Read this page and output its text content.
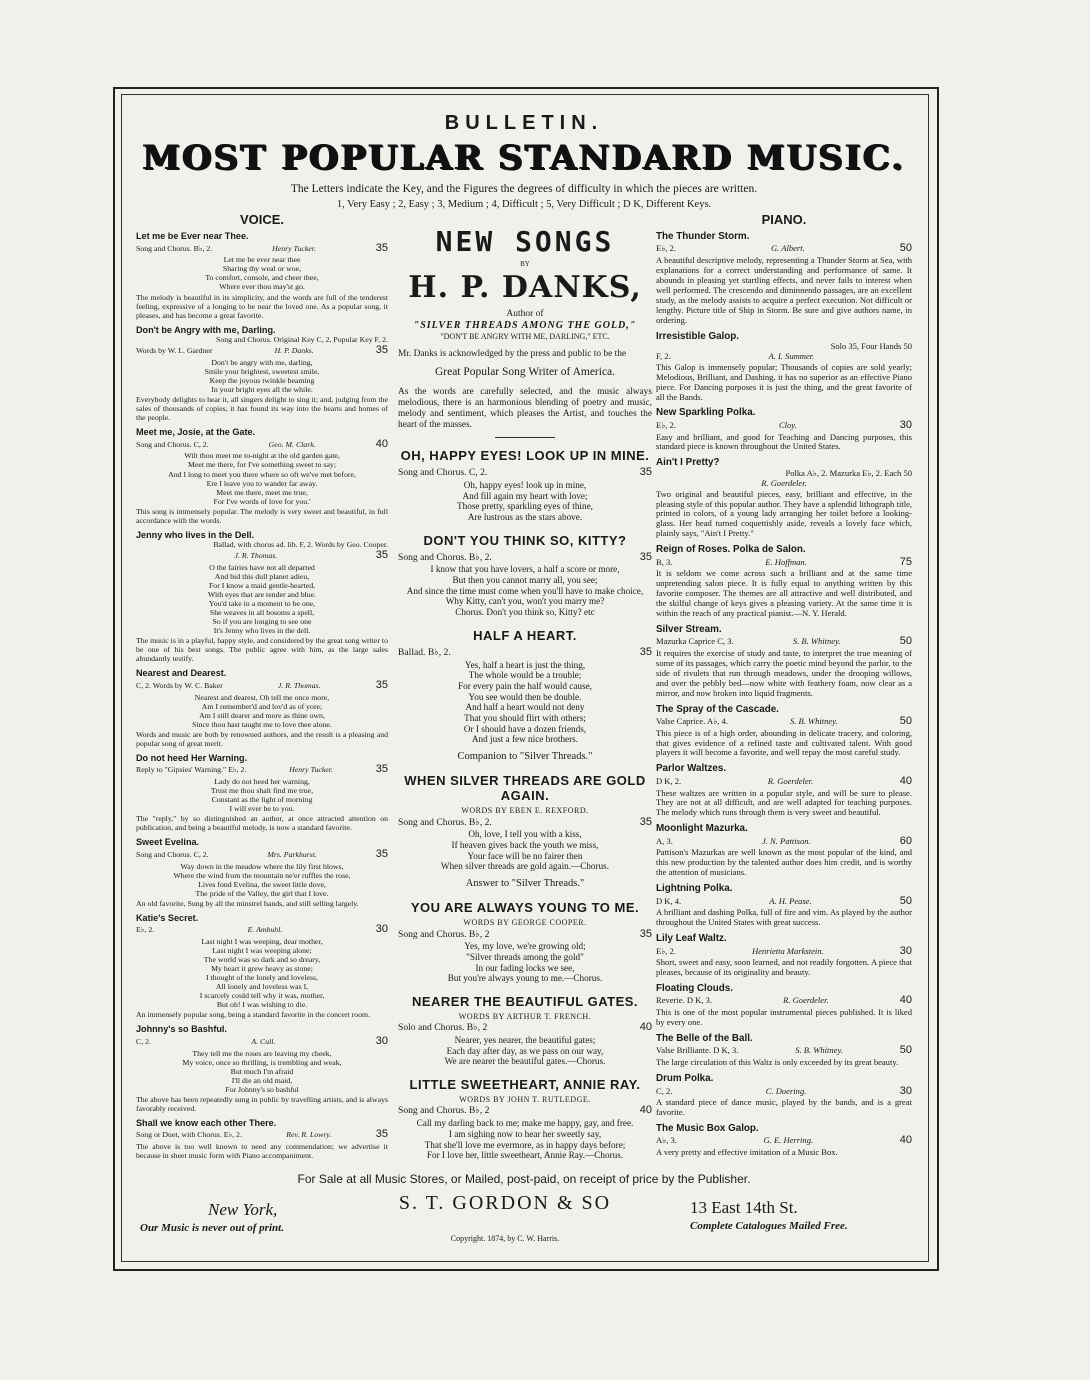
BULLETIN.
MOST POPULAR STANDARD MUSIC.
The Letters indicate the Key, and the Figures the degrees of difficulty in which the pieces are written.
1, Very Easy ; 2, Easy ; 3, Medium ; 4, Difficult ; 5, Very Difficult ; D K, Different Keys.
VOICE.
Let me be Ever near Thee.
Song and Chorus. B♭, 2.	Henry Tucker.	35
Let me be ever near thee
Sharing thy weal or woe,
To comfort, console, and cheer thee,
Where ever thou may'st go.
The melody is beautiful in its simplicity, and the words are full of the tenderest feeling, expressive of a longing to be near the loved one. As a popular song, it pleases, and has become a great favorite.
Don't be Angry with me, Darling.
Song and Chorus. Original Key C, 2, Popular Key F, 2.
Words by W. L. Gardner	H. P. Danks.	35
Don't be angry with me, darling,
Smile your brightest, sweetest smile,
Keep the joyous twinkle beaming
In your bright eyes all the while.
Everybody delights to hear it, all singers delight to sing it; and, judging from the sales of thousands of copies, it has found its way into the hearts and homes of the people.
Meet me, Josie, at the Gate.
Song and Chorus. C, 2.	Geo. M. Clark.	40
Wilt thou meet me to-night at the old garden gate,
Meet me there, for I've something sweet to say;
And I long to meet you there where so oft we've met before,
Ere I leave you to wander far away.
Meet me there, meet me true,
For I've words of love for you.'
This song is immensely popular. The melody is very sweet and beautiful, in full accordance with the words.
Jenny who lives in the Dell.
Ballad, with chorus ad. lib. F, 2. Words by Geo. Cooper.
J. R. Thomas.	35
O the fairies have not all departed
And bid this dull planet adieu,
For I know a maid gentle-hearted,
With eyes that are tender and blue.
You'd take in a moment to be one,
She weaves in all bosoms a spell,
So if you are longing to see one
It's Jenny who lives in the dell.
The music is in a playful, happy style, and considered by the great song writer to be one of his best songs. The public agree with him, as the large sales abundantly testify.
Nearest and Dearest.
C, 2. Words by W. C. Baker	J. R. Thomas.	35
Nearest and dearest, Oh tell me once more,
Am I remember'd and lov'd as of yore;
Am I still dearer and more as thine own,
Since thou hast taught me to love thee alone.
Words and music are both by renowned authors, and the result is a pleasing and popular song of great merit.
Do not heed Her Warning.
Reply to "Gipsies' Warning." E♭, 2.	Henry Tucker.	35
Lady do not heed her warning,
Trust me thou shalt find me true,
Constant as the light of morning
I will ever be to you.
The "reply," by so distinguished an author, at once attracted attention on publication, and being a beautiful melody, is now a standard favorite.
Sweet Evelina.
Song and Chorus. C, 2.	Mrs. Parkhurst.	35
Way down in the meadow where the lily first blows,
Where the wind from the mountain ne'er ruffles the rose,
Lives fond Evelina, the sweet little dove,
The pride of the Valley, the girl that I love.
An old favorite, Sung by all the minstrel bands, and still selling largely.
Katie's Secret.
E♭, 2.	E. Ambuhl.	30
Last night I was weeping, dear mother,
Last night I was weeping alone;
The world was so dark and so dreary,
My heart it grew heavy as stone;
I thought of the lonely and loveless,
All lonely and loveless was I,
I scarcely could tell why it was, mother,
But oh! I was wishing to die.
An immensely popular song, being a standard favorite in the concert room.
Johnny's so Bashful.
C, 2.	A. Cull.	30
They tell me the roses are leaving my cheek,
My voice, once so thrilling, is trembling and weak,
But much I'm afraid
I'll die an old maid,
For Johnny's so bashful
The above has been repeatedly sung in public by travelling artists, and is always favorably received.
Shall we know each other There.
Song or Duet, with Chorus. E♭, 2.	Rev. R. Lowry.	35
The above is too well known to need any commendation; we advertise it because in sheet music form with Piano accompaniment.
NEW SONGS
BY
H. P. DANKS,
Author of
"SILVER THREADS AMONG THE GOLD,"
"DON'T BE ANGRY WITH ME, DARLING," ETC.
Mr. Danks is acknowledged by the press and public to be the
Great Popular Song Writer of America.
As the words are carefully selected, and the music always melodious, there is an harmonious blending of poetry and music, melody and sentiment, which pleases the Artist, and touches the heart of the masses.
OH, HAPPY EYES! LOOK UP IN MINE.
Song and Chorus. C, 2.	35
Oh, happy eyes! look up in mine,
And fill again my heart with love;
Those pretty, sparkling eyes of thine,
Are lustrous as the stars above.
DON'T YOU THINK SO, KITTY?
Song and Chorus. B♭, 2.	35
I know that you have lovers, a half a score or more,
But then you cannot marry all, you see;
And since the time must come when you'll have to make choice,
Why Kitty, can't you, won't you marry me?
Chorus. Don't you think so, Kitty? etc
HALF A HEART.
Ballad. B♭, 2.	35
Yes, half a heart is just the thing,
The whole would be a trouble;
For every pain the half would cause,
You see would then be double.
And half a heart would not deny
That you should flirt with others;
Or I should have a dozen friends,
And just a few nice brothers.
Companion to "Silver Threads."
WHEN SILVER THREADS ARE GOLD AGAIN.
WORDS BY EBEN E. REXFORD.
Song and Chorus. B♭, 2.	35
Oh, love, I tell you with a kiss,
If heaven gives back the youth we miss,
Your face will be no fairer then
When silver threads are gold again.—Chorus.
Answer to "Silver Threads."
YOU ARE ALWAYS YOUNG TO ME.
WORDS BY GEORGE COOPER.
Song and Chorus. B♭, 2	35
Yes, my love, we're growing old;
"Silver threads among the gold"
In our fading locks we see,
But you're always young to me.—Chorus.
NEARER THE BEAUTIFUL GATES.
WORDS BY ARTHUR T. FRENCH.
Solo and Chorus. B♭, 2	40
Nearer, yes nearer, the beautiful gates;
Each day after day, as we pass on our way,
We are nearer the beautiful gates.—Chorus.
LITTLE SWEETHEART, ANNIE RAY.
WORDS BY JOHN T. RUTLEDGE.
Song and Chorus. B♭, 2	40
Call my darling back to me; make me happy, gay, and free.
I am sighing now to hear her sweetly say,
That she'll love me evermore, as in happy days before;
For I love her, little sweetheart, Annie Ray.—Chorus.
PIANO.
The Thunder Storm.
E♭, 2.	G. Albert.	50
A beautiful descriptive melody, representing a Thunder Storm at Sea, with explanations for a correct understanding and performance of same. It abounds in pleasing yet startling effects, and never fails to interest when well performed. The crescendo and diminnendo passages, are an excellent study, as the melody assists to acquire a perfect execution. Not difficult or lengthy. Picture title of Ship in Storm. Be sure and give authors name, in ordering.
Irresistible Galop.
Solo 35, Four Hands 50
F, 2.	A. I. Summer.
This Galop is immensely popular; Thousands of copies are sold yearly; Melodious, Brilliant, and Dashing, it has no superior as an effective Piano piece. For Dancing purposes it is just the thing, and the great favorite of all the Bands.
New Sparkling Polka.
E♭, 2.	Cloy.	30
Easy and brilliant, and good for Teaching and Dancing purposes, this standard piece is known throughout the United States.
Ain't I Pretty?
Polka A♭, 2. Mazurka E♭, 2. Each 50
R. Goerdeler.
Two original and beautiful pieces, easy, brilliant and effective, in the pleasing style of this popular author. They have a splendid lithograph title, printed in colors, of a young lady arranging her toilet before a looking-glass. Her head turned coquettishly aside, reveals a lovely face which, plainly says, "Ain't I Pretty."
Reign of Roses. Polka de Salon.
B, 3.	E. Hoffman.	75
It is seldom we come across such a brilliant and at the same time unpretending salon piece. It is fully equal to anything written by this favorite composer. The themes are all attractive and well distributed, and the skilful change of keys gives a pleasing variety. At the same time it is within the reach of any practical pianist.—N. Y. Herald.
Silver Stream.
Mazurka Caprice C, 3.	S. B. Whitney.	50
It requires the exercise of study and taste, to interpret the true meaning of some of its passages, which carry the poetic mind beyond the parlor, to the side of rivulets that run through meadows, under the drooping willows, and over the pebbly bed—now white with feathery foam, now clear as a mirror, and now broken into liquid fragments.
The Spray of the Cascade.
Valse Caprice. A♭, 4.	S. B. Whitney.	50
This piece is of a high order, abounding in delicate tracery, and coloring, that gives evidence of a refined taste and cultivated talent. With good players it will become a favorite, and well repay the most careful study.
Parlor Waltzes.
D K, 2.	R. Goerdeler.	40
These waltzes are written in a popular style, and will be sure to please. They are not at all difficult, and are well adapted for teaching purposes. The melody which runs through them is very sweet and beautiful.
Moonlight Mazurka.
A, 3.	J. N. Pattison.	60
Pattison's Mazurkas are well known as the most popular of the kind, and this new production by the talented author does him credit, and is worthy the attention of musicians.
Lightning Polka.
D K, 4.	A. H. Pease.	50
A brilliant and dashing Polka, full of fire and vim. As played by the author throughout the United States with great success.
Lily Leaf Waltz.
E♭, 2.	Henrietta Markstein.	30
Short, sweet and easy, soon learned, and not readily forgotten. A piece that pleases, because of its originality and beauty.
Floating Clouds.
Reverie. D K, 3.	R. Goerdeler.	40
This is one of the most popular instrumental pieces published. It is liked by every one.
The Belle of the Ball.
Valse Brilliante. D K, 3.	S. B. Whitney.	50
The large circulation of this Waltz is only exceeded by its great beauty.
Drum Polka.
C, 2.	C. Doering.	30
A standard piece of dance music, played by the bands, and is a great favorite.
The Music Box Galop.
A♭, 3.	G. E. Herring.	40
A very pretty and effective imitation of a Music Box.
For Sale at all Music Stores, or Mailed, post-paid, on receipt of price by the Publisher.
New York,	S. T. GORDON & SO	13 East 14th St.
Our Music is never out of print.	Complete Catalogues Mailed Free.
Copyright. 1874, by C. W. Harris.
